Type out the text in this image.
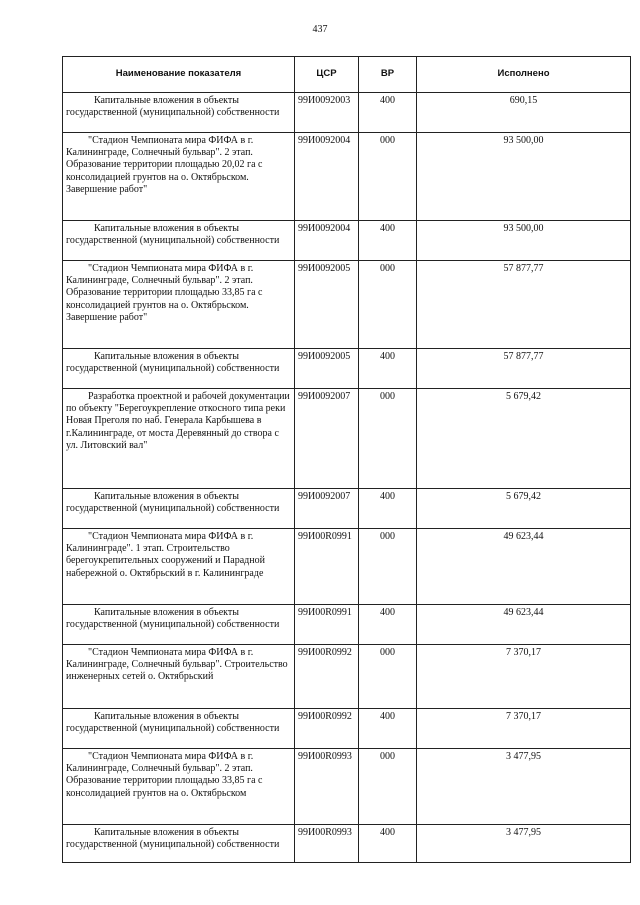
437
Наименование показателя	ЦСР	ВР	Исполнено
Капитальные вложения в объекты государственной (муниципальной) собственности	99И0092003	400	690,15
"Стадион Чемпионата мира ФИФА в г. Калининграде, Солнечный бульвар". 2 этап. Образование территории площадью 20,02 га с консолидацией грунтов на о. Октябрьском. Завершение работ"	99И0092004	000	93 500,00
Капитальные вложения в объекты государственной (муниципальной) собственности	99И0092004	400	93 500,00
"Стадион Чемпионата мира ФИФА в г. Калининграде, Солнечный бульвар". 2 этап. Образование территории площадью 33,85 га с консолидацией грунтов на о. Октябрьском. Завершение работ"	99И0092005	000	57 877,77
Капитальные вложения в объекты государственной (муниципальной) собственности	99И0092005	400	57 877,77
Разработка проектной и рабочей документации по объекту "Берегоукрепление откосного типа реки Новая Преголя по наб. Генерала Карбышева в г.Калининграде, от моста Деревянный до створа с ул. Литовский вал"	99И0092007	000	5 679,42
Капитальные вложения в объекты государственной (муниципальной) собственности	99И0092007	400	5 679,42
"Стадион Чемпионата мира ФИФА в г. Калининграде". 1 этап. Строительство берегоукрепительных сооружений и Парадной набережной о. Октябрьский в г. Калининграде	99И00R0991	000	49 623,44
Капитальные вложения в объекты государственной (муниципальной) собственности	99И00R0991	400	49 623,44
"Стадион Чемпионата мира ФИФА в г. Калининграде, Солнечный бульвар". Строительство инженерных сетей о. Октябрьский	99И00R0992	000	7 370,17
Капитальные вложения в объекты государственной (муниципальной) собственности	99И00R0992	400	7 370,17
"Стадион Чемпионата мира ФИФА в г. Калининграде, Солнечный бульвар". 2 этап. Образование территории площадью 33,85 га с консолидацией грунтов на о. Октябрьском	99И00R0993	000	3 477,95
Капитальные вложения в объекты государственной (муниципальной) собственности	99И00R0993	400	3 477,95
